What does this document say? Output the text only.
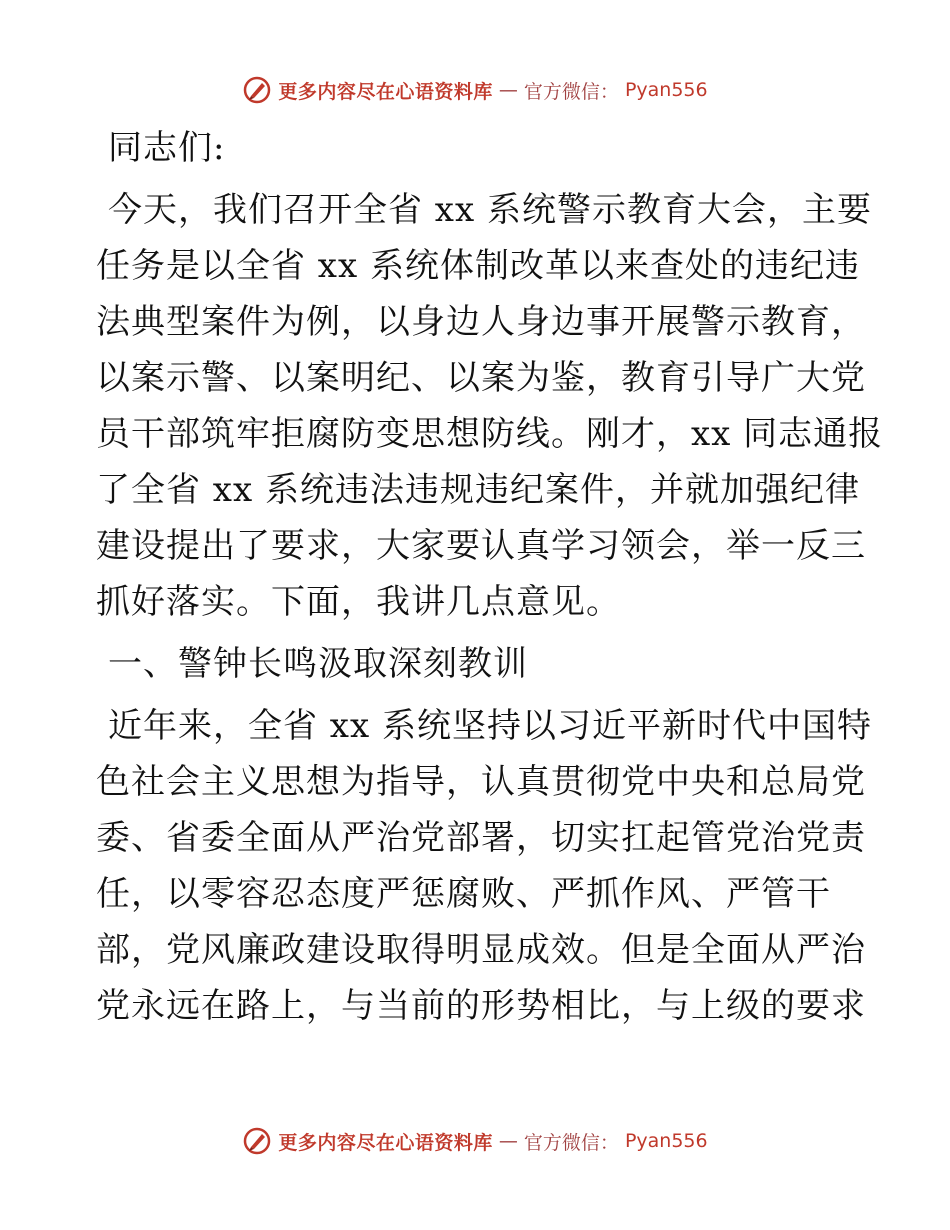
更多内容尽在心语资料库 — 官方微信： Pyan556
同志们:
今天，我们召开全省 xx 系统警示教育大会，主要
任务是以全省 xx 系统体制改革以来查处的违纪违
法典型案件为例，以身边人身边事开展警示教育，
以案示警、以案明纪、以案为鉴，教育引导广大党
员干部筑牢拒腐防变思想防线。刚才，xx 同志通报
了全省 xx 系统违法违规违纪案件，并就加强纪律
建设提出了要求，大家要认真学习领会，举一反三
抓好落实。下面，我讲几点意见。
一、警钟长鸣汲取深刻教训
近年来，全省 xx 系统坚持以习近平新时代中国特
色社会主义思想为指导，认真贯彻党中央和总局党
委、省委全面从严治党部署，切实扛起管党治党责
任，以零容忍态度严惩腐败、严抓作风、严管干
部，党风廉政建设取得明显成效。但是全面从严治
党永远在路上，与当前的形势相比，与上级的要求
更多内容尽在心语资料库 — 官方微信： Pyan556
